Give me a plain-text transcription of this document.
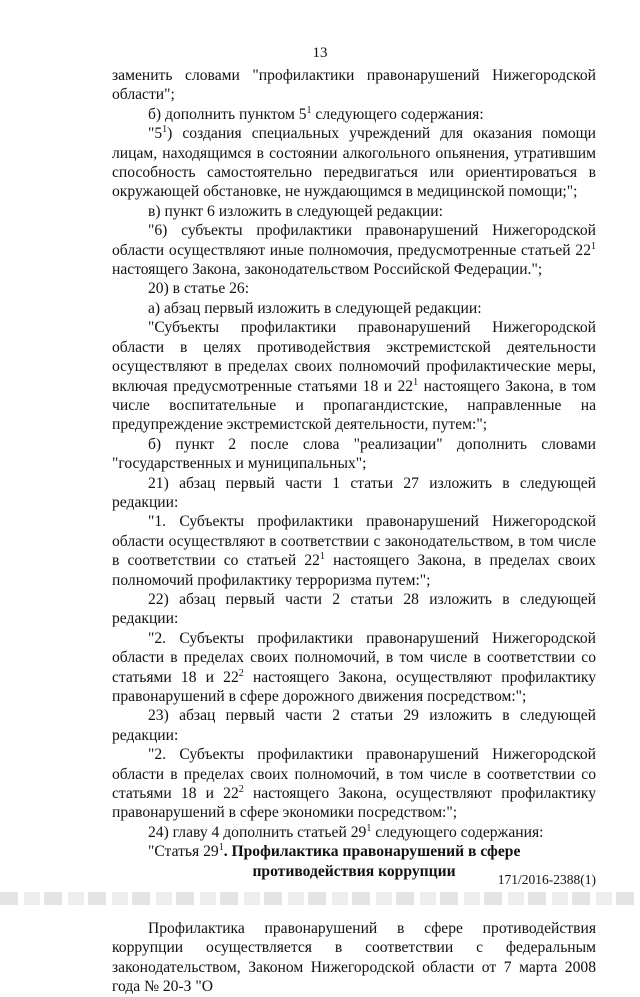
13

заменить словами "профилактики правонарушений Нижегородской области";

б) дополнить пунктом $5^1$ следующего содержания:

"$5^1$) создания специальных учреждений для оказания помощи лицам, находящимся в состоянии алкогольного опьянения, утратившим способность самостоятельно передвигаться или ориентироваться в окружающей обстановке, не нуждающимся в медицинской помощи;";

в) пункт 6 изложить в следующей редакции:

"6) субъекты профилактики правонарушений Нижегородской области осуществляют иные полномочия, предусмотренные статьей $22^1$ настоящего Закона, законодательством Российской Федерации.";

20) в статье 26:

а) абзац первый изложить в следующей редакции:

"Субъекты профилактики правонарушений Нижегородской области в целях противодействия экстремистской деятельности осуществляют в пределах своих полномочий профилактические меры, включая предусмотренные статьями 18 и $22^1$ настоящего Закона, в том числе воспитательные и пропагандистские, направленные на предупреждение экстремистской деятельности, путем:";

б) пункт 2 после слова "реализации" дополнить словами "государственных и муниципальных";

21) абзац первый части 1 статьи 27 изложить в следующей редакции:

"1. Субъекты профилактики правонарушений Нижегородской области осуществляют в соответствии с законодательством, в том числе в соответствии со статьей $22^1$ настоящего Закона, в пределах своих полномочий профилактику терроризма путем:";

22) абзац первый части 2 статьи 28 изложить в следующей редакции:

"2. Субъекты профилактики правонарушений Нижегородской области в пределах своих полномочий, в том числе в соответствии со статьями 18 и $22^2$ настоящего Закона, осуществляют профилактику правонарушений в сфере дорожного движения посредством:";

23) абзац первый части 2 статьи 29 изложить в следующей редакции:

"2. Субъекты профилактики правонарушений Нижегородской области в пределах своих полномочий, в том числе в соответствии со статьями 18 и $22^2$ настоящего Закона, осуществляют профилактику правонарушений в сфере экономики посредством:";

24) главу 4 дополнить статьей $29^1$ следующего содержания:

"Статья $29^1$. Профилактика правонарушений в сфере

противодействия коррупции

Профилактика правонарушений в сфере противодействия коррупции осуществляется в соответствии с федеральным законодательством, Законом Нижегородской области от 7 марта 2008 года № 20-З "О

171/2016-2388(1)
